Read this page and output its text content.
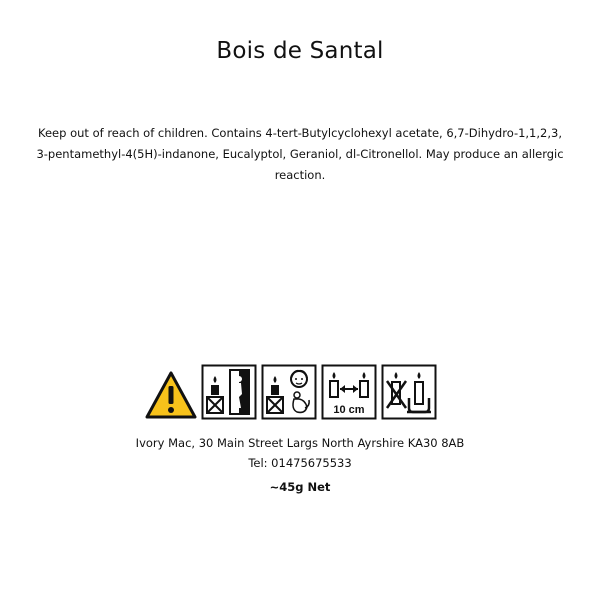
Bois de Santal

Keep out of reach of children. Contains 4-tert-Butylcyclohexyl acetate, 6,7-Dihydro-1,1,2,3,3-pentamethyl-4(5H)-indanone, Eucalyptol, Geraniol, dl-Citronellol. May produce an allergic reaction.

10 cm

Ivory Mac, 30 Main Street Largs North Ayrshire KA30 8AB

Tel: 01475675533

~45g Net
